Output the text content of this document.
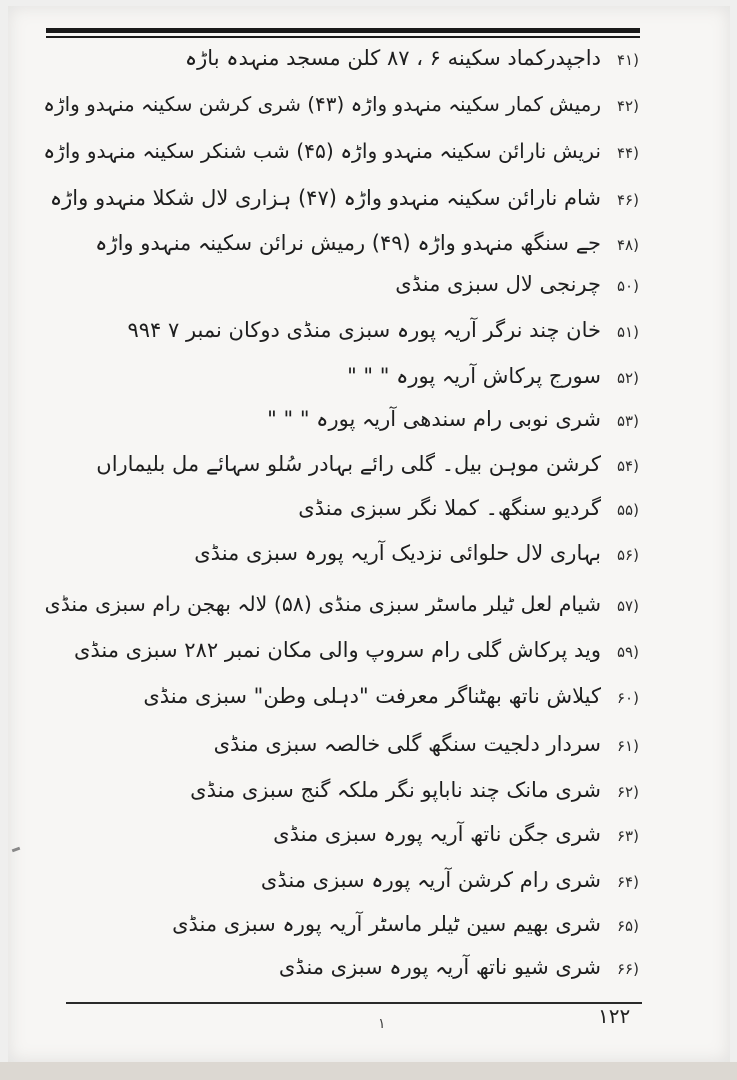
(۴۱داجپدرکماد سکینه ۶ ، ۸۷ کلن مسجد منہدہ باڑہ
(۴۲رمیش کمار سکینہ منہدو واڑہ (۴۳) شری کرشن سکینہ منہدو واڑہ
(۴۴نریش نارائن سکینہ منہدو واڑہ (۴۵) شب شنکر سکینہ منہدو واڑہ
(۴۶شام نارائن سکینہ منہدو واڑہ (۴۷) ہزاری لال شکلا منہدو واڑہ
(۴۸جے سنگھ منہدو واڑہ (۴۹) رمیش نرائن سکینہ منہدو واڑہ
(۵۰چرنجی لال سبزی منڈی
(۵۱خان چند نرگر آریہ پورہ سبزی منڈی دوکان نمبر ۷ ۹۹۴
(۵۲سورج پرکاش آریہ پورہ " " "
(۵۳شری نوبی رام سندھی آریہ پورہ " " "
(۵۴کرشن موہن بیل۔ گلی رائے بہادر سُلو سہائے مل بلیماراں
(۵۵گردیو سنگھ۔ کملا نگر سبزی منڈی
(۵۶بہاری لال حلوائی نزدیک آریہ پورہ سبزی منڈی
(۵۷شیام لعل ٹیلر ماسٹر سبزی منڈی (۵۸) لالہ بھجن رام سبزی منڈی
(۵۹وید پرکاش گلی رام سروپ والی مکان نمبر ۲۸۲ سبزی منڈی
(۶۰کیلاش ناتھ بھٹناگر معرفت "دہلی وطن" سبزی منڈی
(۶۱سردار دلجیت سنگھ گلی خالصہ سبزی منڈی
(۶۲شری مانک چند ناباپو نگر ملکہ گنج سبزی منڈی
(۶۳شری جگن ناتھ آریہ پورہ سبزی منڈی
(۶۴شری رام کرشن آریہ پورہ سبزی منڈی
(۶۵شری بھیم سین ٹیلر ماسٹر آریہ پورہ سبزی منڈی
(۶۶شری شیو ناتھ آریہ پورہ سبزی منڈی
۱۲۲
۱
